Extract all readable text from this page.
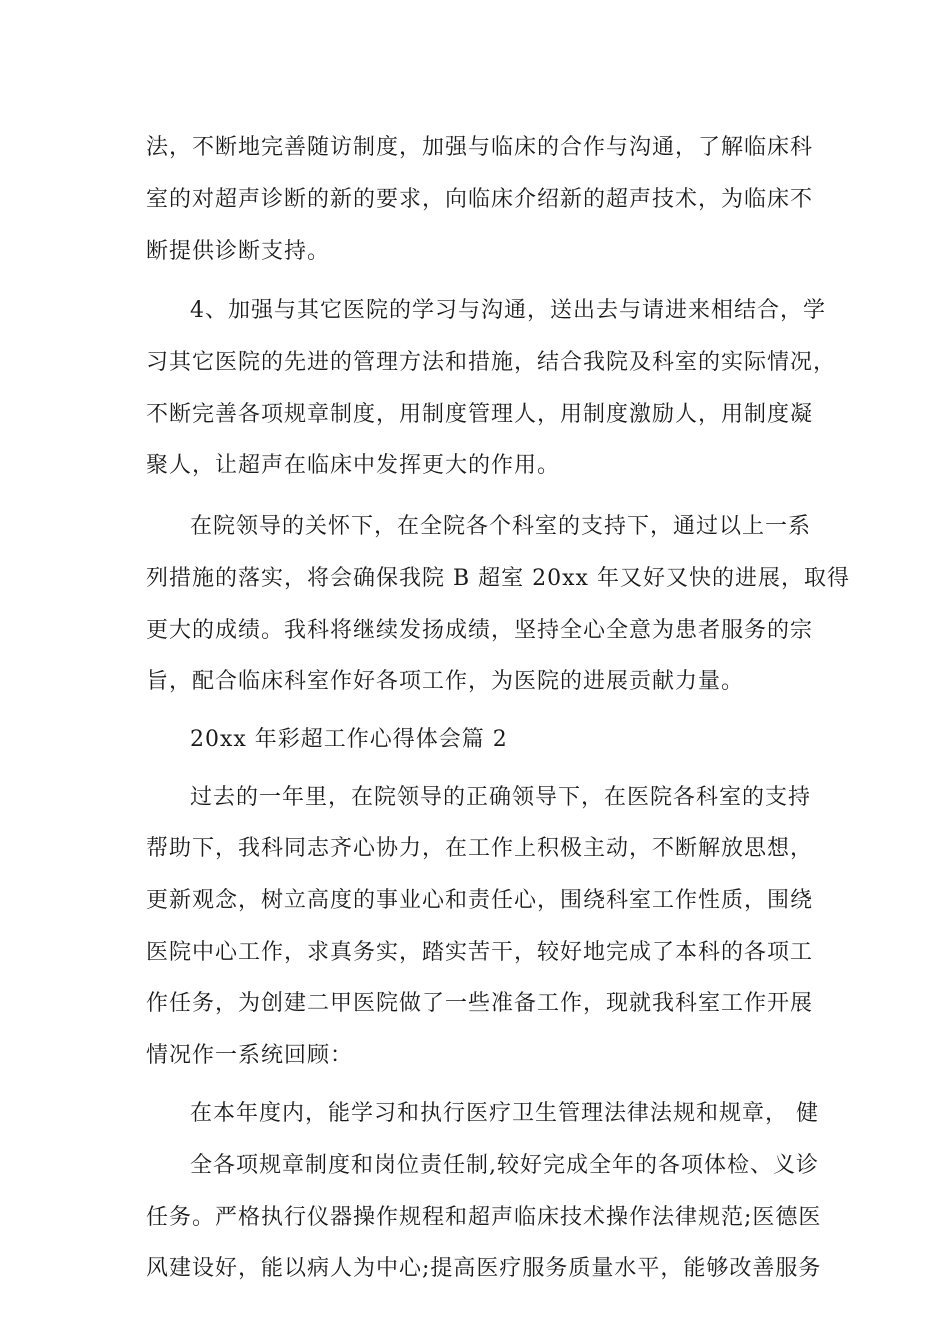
法，不断地完善随访制度，加强与临床的合作与沟通，了解临床科
室的对超声诊断的新的要求，向临床介绍新的超声技术，为临床不
断提供诊断支持。
4、加强与其它医院的学习与沟通，送出去与请进来相结合，学
习其它医院的先进的管理方法和措施，结合我院及科室的实际情况，
不断完善各项规章制度，用制度管理人，用制度激励人，用制度凝
聚人，让超声在临床中发挥更大的作用。
在院领导的关怀下，在全院各个科室的支持下，通过以上一系
列措施的落实，将会确保我院 B 超室 20xx 年又好又快的进展，取得
更大的成绩。我科将继续发扬成绩，坚持全心全意为患者服务的宗
旨，配合临床科室作好各项工作，为医院的进展贡献力量。
20xx 年彩超工作心得体会篇 2
过去的一年里，在院领导的正确领导下，在医院各科室的支持
帮助下，我科同志齐心协力，在工作上积极主动，不断解放思想，
更新观念，树立高度的事业心和责任心，围绕科室工作性质，围绕
医院中心工作，求真务实，踏实苦干，较好地完成了本科的各项工
作任务，为创建二甲医院做了一些准备工作，现就我科室工作开展
情况作一系统回顾：
在本年度内，能学习和执行医疗卫生管理法律法规和规章， 健
全各项规章制度和岗位责任制,较好完成全年的各项体检、义诊
任务。严格执行仪器操作规程和超声临床技术操作法律规范;医德医
风建设好，能以病人为中心;提高医疗服务质量水平，能够改善服务
